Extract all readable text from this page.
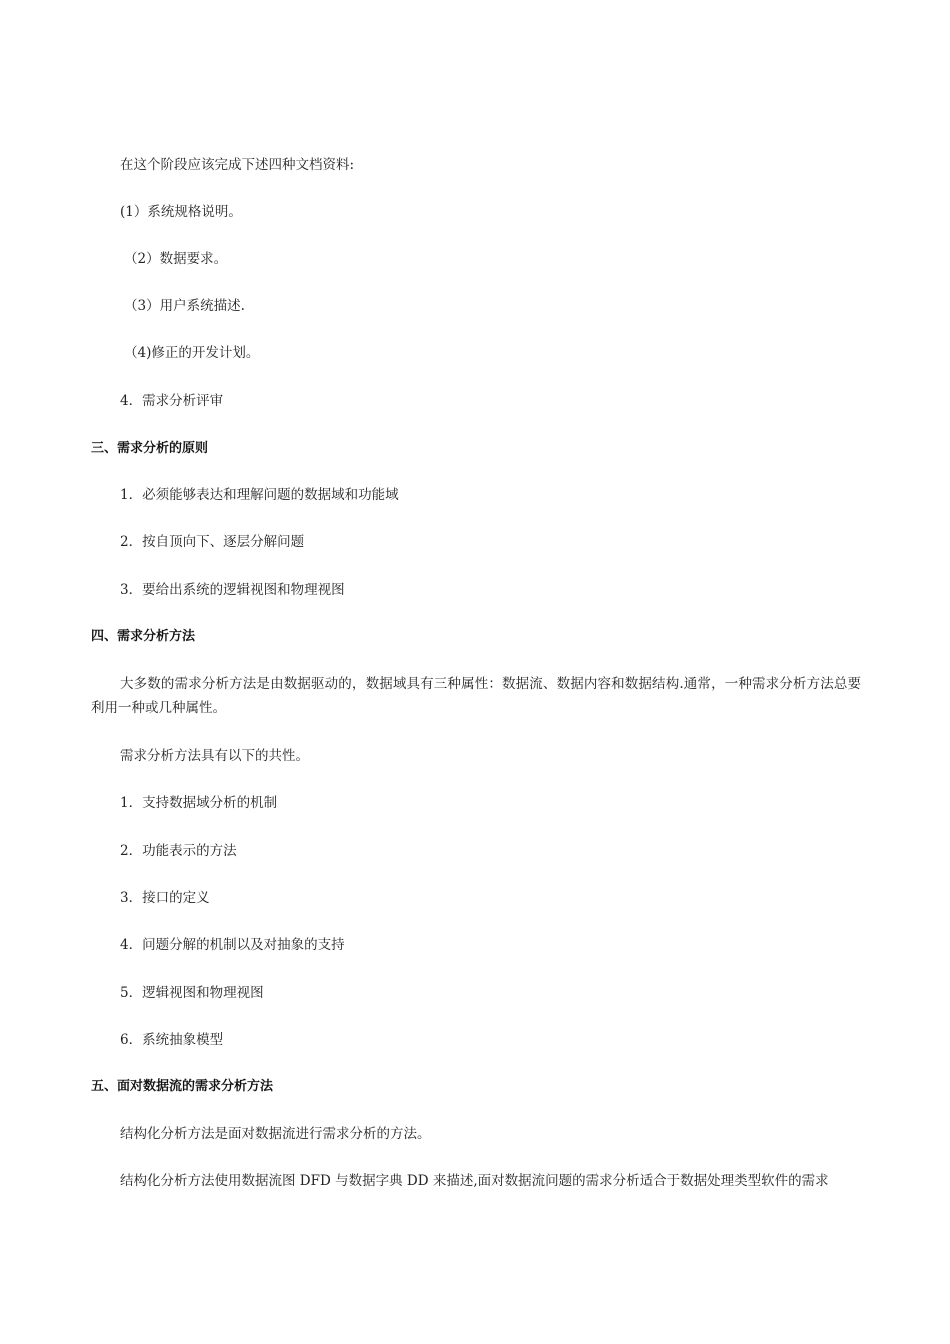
在这个阶段应该完成下述四种文档资料:
(1）系统规格说明。
（2）数据要求。
（3）用户系统描述.
（4)修正的开发计划。
4．需求分析评审
三、需求分析的原则
1．必须能够表达和理解问题的数据域和功能域
2．按自顶向下、逐层分解问题
3．要给出系统的逻辑视图和物理视图
四、需求分析方法
大多数的需求分析方法是由数据驱动的，数据域具有三种属性：数据流、数据内容和数据结构.通常，一种需求分析方法总要利用一种或几种属性。
需求分析方法具有以下的共性。
1．支持数据域分析的机制
2．功能表示的方法
3．接口的定义
4．问题分解的机制以及对抽象的支持
5．逻辑视图和物理视图
6．系统抽象模型
五、面对数据流的需求分析方法
结构化分析方法是面对数据流进行需求分析的方法。
结构化分析方法使用数据流图 DFD 与数据字典 DD 来描述,面对数据流问题的需求分析适合于数据处理类型软件的需求
